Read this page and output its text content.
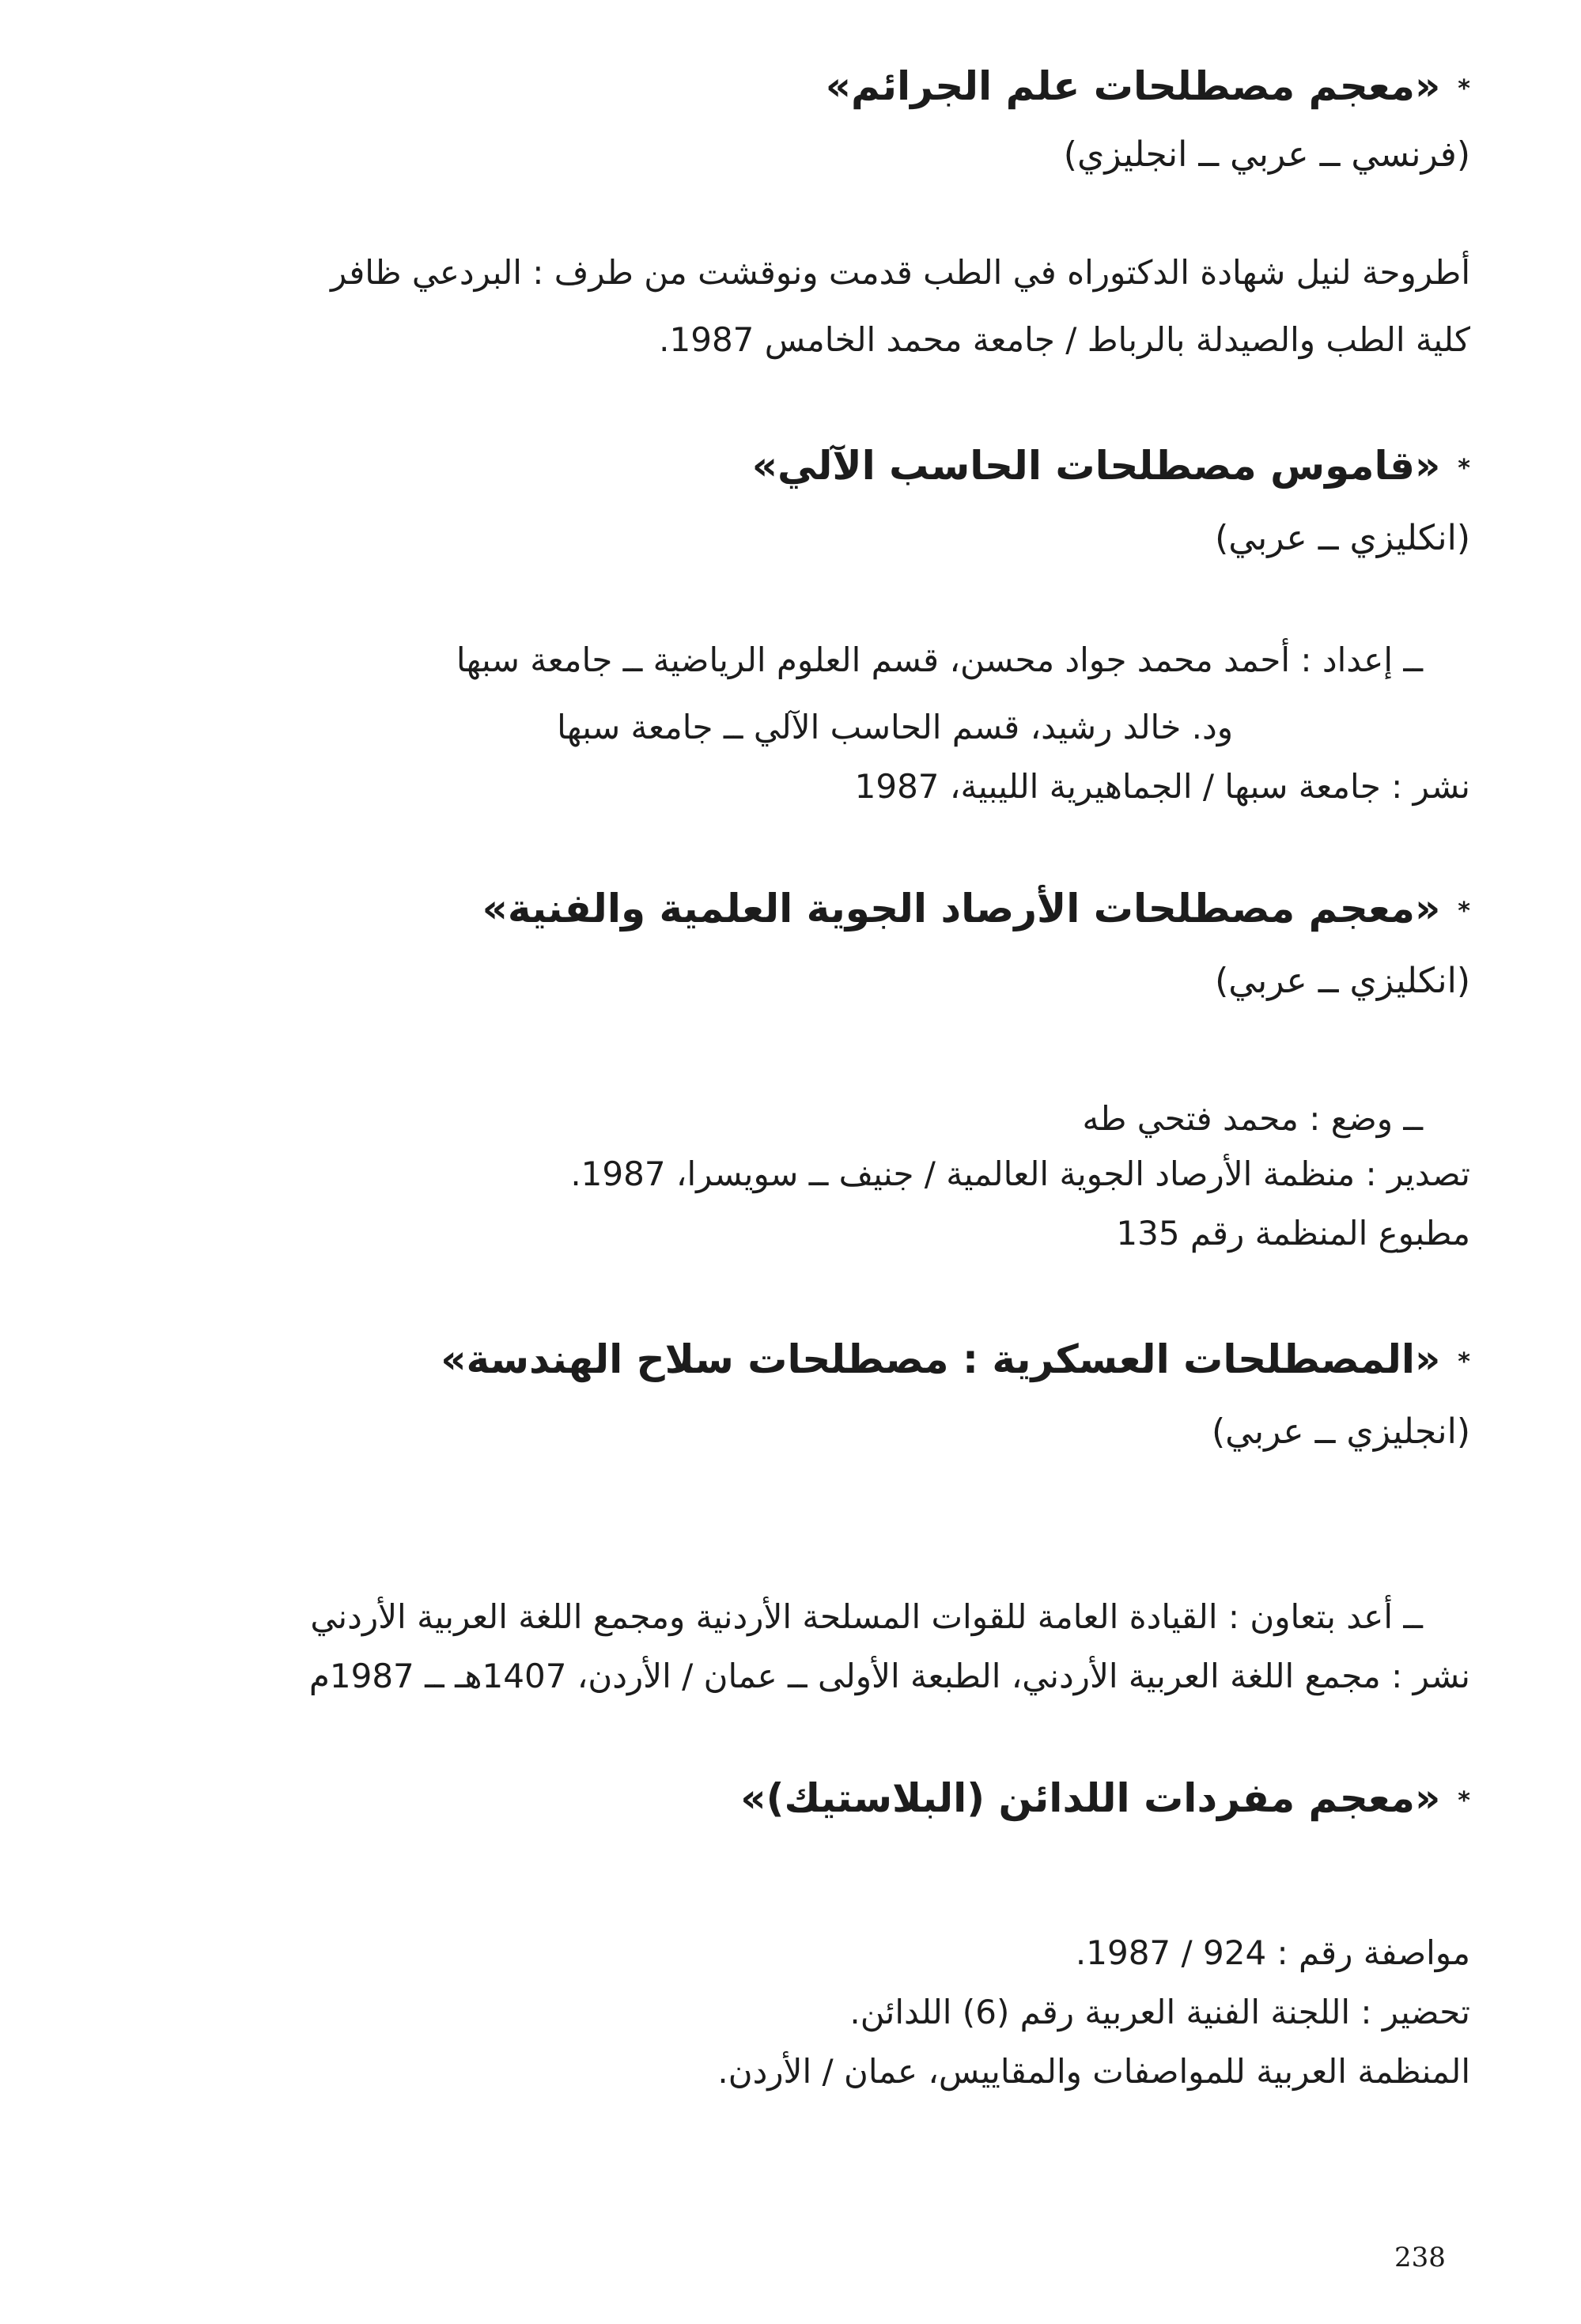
*«معجم مصطلحات علم الجرائم»
(فرنسي ــ عربي ــ انجليزي)
أطروحة لنيل شهادة الدكتوراه في الطب قدمت ونوقشت من طرف : البردعي ظافر
كلية الطب والصيدلة بالرباط / جامعة محمد الخامس 1987.
*«قاموس مصطلحات الحاسب الآلي»
(انكليزي ــ عربي)
ــ إعداد : أحمد محمد جواد محسن، قسم العلوم الرياضية ــ جامعة سبها
ود. خالد رشيد، قسم الحاسب الآلي ــ جامعة سبها
نشر : جامعة سبها / الجماهيرية الليبية، 1987
*«معجم مصطلحات الأرصاد الجوية العلمية والفنية»
(انكليزي ــ عربي)
ــ وضع : محمد فتحي طه
تصدير : منظمة الأرصاد الجوية العالمية / جنيف ــ سويسرا، 1987.
مطبوع المنظمة رقم 135
*«المصطلحات العسكرية : مصطلحات سلاح الهندسة»
(انجليزي ــ عربي)
ــ أعد بتعاون : القيادة العامة للقوات المسلحة الأردنية ومجمع اللغة العربية الأردني
نشر : مجمع اللغة العربية الأردني، الطبعة الأولى ــ عمان / الأردن، 1407هـ ــ 1987م
*«معجم مفردات اللدائن (البلاستيك)»
مواصفة رقم : 924 / 1987.
تحضير : اللجنة الفنية العربية رقم (6) اللدائن.
المنظمة العربية للمواصفات والمقاييس، عمان / الأردن.
238
